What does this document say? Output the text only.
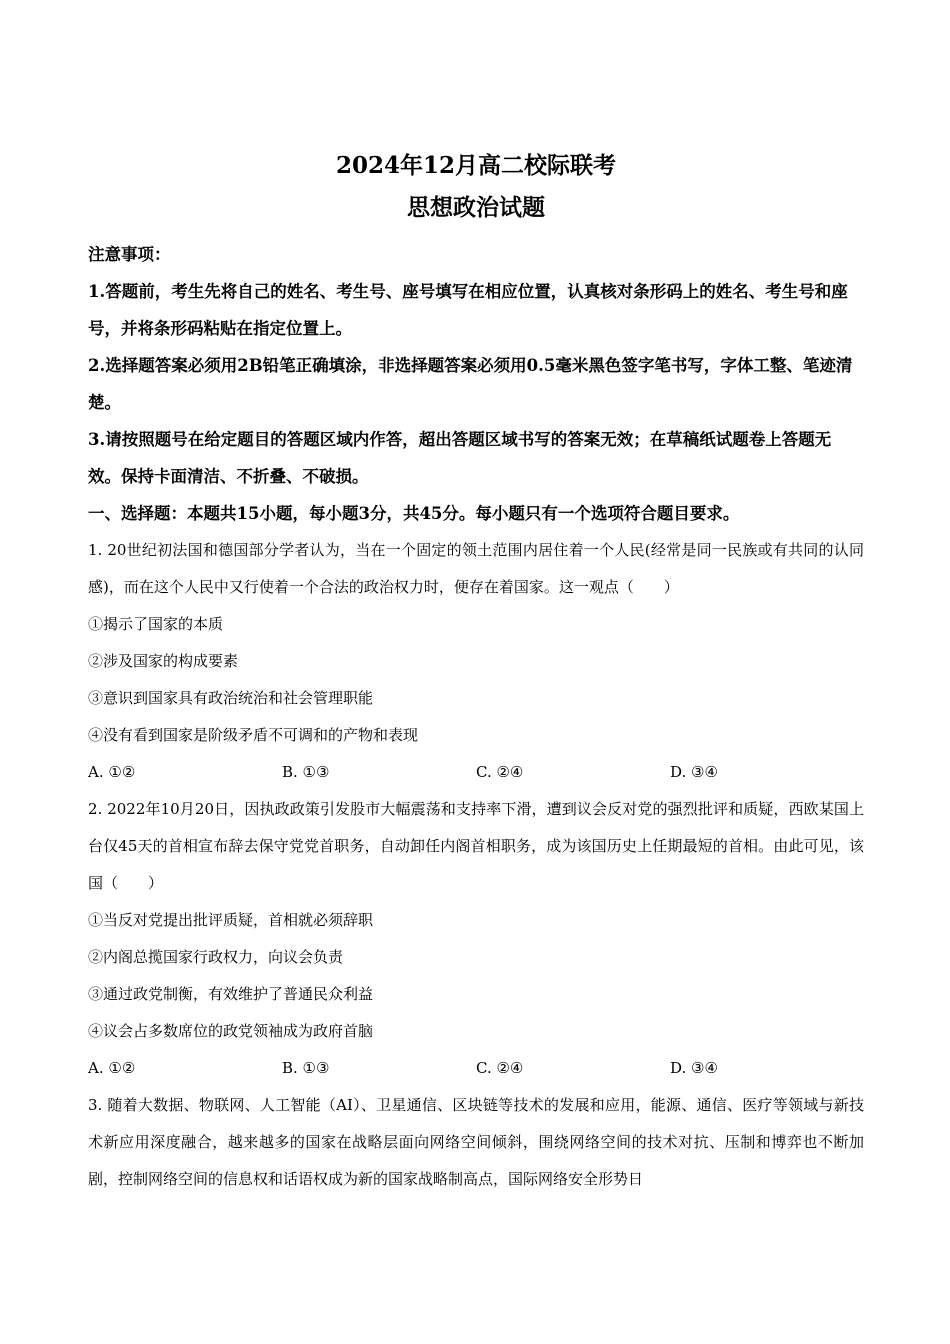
2024年12月高二校际联考
思想政治试题

注意事项：

1.答题前，考生先将自己的姓名、考生号、座号填写在相应位置，认真核对条形码上的姓名、考生号和座号，并将条形码粘贴在指定位置上。

2.选择题答案必须用2B铅笔正确填涂，非选择题答案必须用0.5毫米黑色签字笔书写，字体工整、笔迹清楚。

3.请按照题号在给定题目的答题区域内作答，超出答题区域书写的答案无效；在草稿纸试题卷上答题无效。保持卡面清洁、不折叠、不破损。

一、选择题：本题共15小题，每小题3分，共45分。每小题只有一个选项符合题目要求。

1. 20世纪初法国和德国部分学者认为，当在一个固定的领土范围内居住着一个人民(经常是同一民族或有共同的认同感)，而在这个人民中又行使着一个合法的政治权力时，便存在着国家。这一观点（　　）

①揭示了国家的本质

②涉及国家的构成要素

③意识到国家具有政治统治和社会管理职能

④没有看到国家是阶级矛盾不可调和的产物和表现

A. ①②	B. ①③	C. ②④	D. ③④

2. 2022年10月20日，因执政政策引发股市大幅震荡和支持率下滑，遭到议会反对党的强烈批评和质疑，西欧某国上台仅45天的首相宣布辞去保守党党首职务，自动卸任内阁首相职务，成为该国历史上任期最短的首相。由此可见，该国（　　）

①当反对党提出批评质疑，首相就必须辞职

②内阁总揽国家行政权力，向议会负责

③通过政党制衡，有效维护了普通民众利益

④议会占多数席位的政党领袖成为政府首脑

A. ①②	B. ①③	C. ②④	D. ③④

3. 随着大数据、物联网、人工智能（AI）、卫星通信、区块链等技术的发展和应用，能源、通信、医疗等领域与新技术新应用深度融合，越来越多的国家在战略层面向网络空间倾斜，围绕网络空间的技术对抗、压制和博弈也不断加剧，控制网络空间的信息权和话语权成为新的国家战略制高点，国际网络安全形势日
